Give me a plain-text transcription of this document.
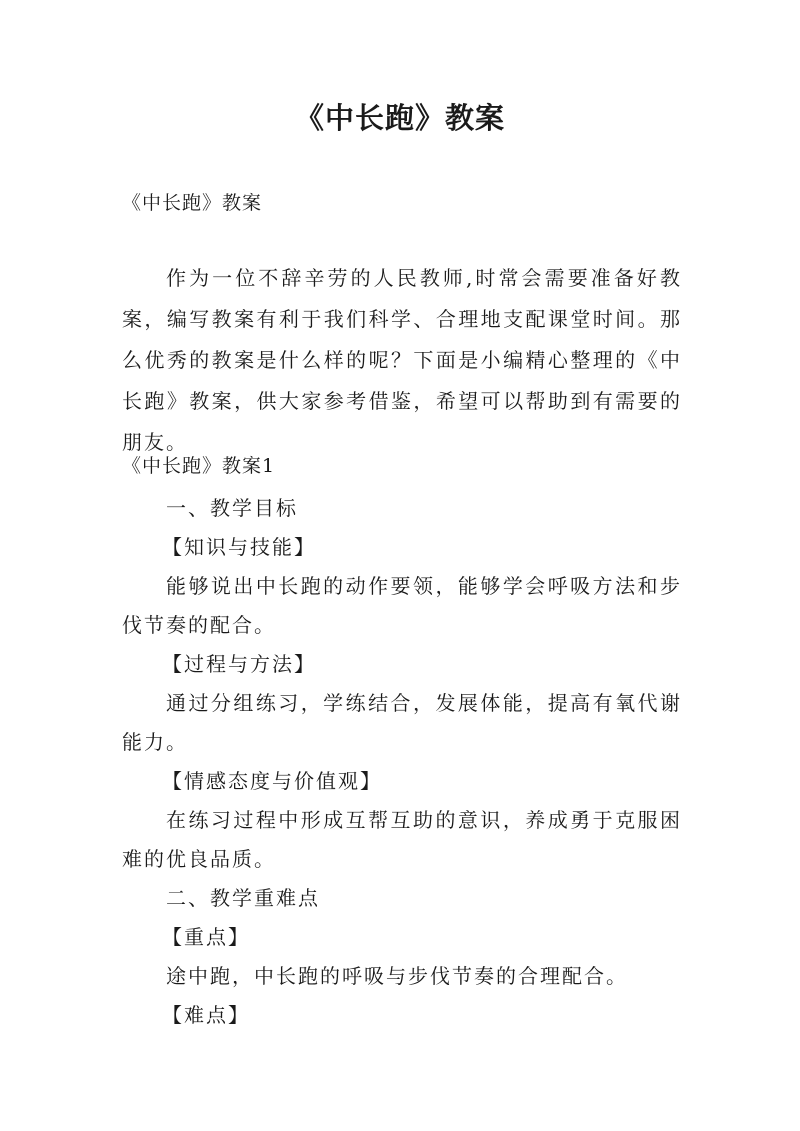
《中长跑》教案
《中长跑》教案

作为一位不辞辛劳的人民教师,时常会需要准备好教案，编写教案有利于我们科学、合理地支配课堂时间。那么优秀的教案是什么样的呢？下面是小编精心整理的《中长跑》教案，供大家参考借鉴，希望可以帮助到有需要的朋友。

《中长跑》教案1

一、教学目标

【知识与技能】

能够说出中长跑的动作要领，能够学会呼吸方法和步伐节奏的配合。

【过程与方法】

通过分组练习，学练结合，发展体能，提高有氧代谢能力。

【情感态度与价值观】

在练习过程中形成互帮互助的意识，养成勇于克服困难的优良品质。

二、教学重难点

【重点】

途中跑，中长跑的呼吸与步伐节奏的合理配合。

【难点】
